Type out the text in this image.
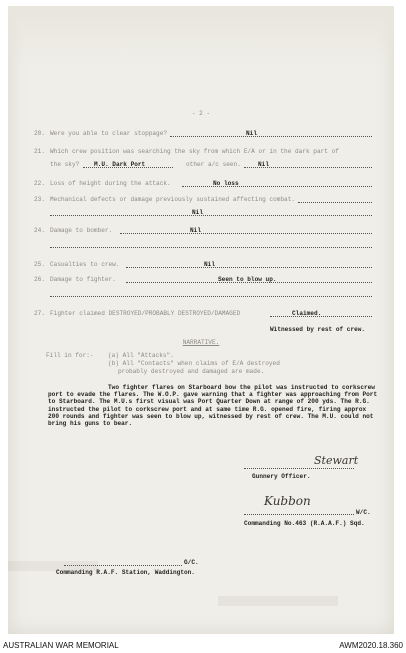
- 2 -
20. Were you able to clear stoppage?	Nil
21. Which crew position was searching the sky from which E/A or in the dark part of
the sky? M.U. Dark Port	other a/c seen.	Nil
22. Loss of height during the attack.	No loss
23. Mechanical defects or damage previously sustained affecting combat.
Nil
24. Damage to bomber.	Nil
25. Casualties to crew.	Nil
26. Damage to fighter.	Seen to blow up.
27. Fighter claimed DESTROYED/PROBABLY DESTROYED/DAMAGED	Claimed.
Witnessed by rest of crew.
NARRATIVE.
Fill in for:- (a) All "Attacks".
(b) All "Contacts" when claims of E/A destroyed
probably destroyed and damaged are made.
Two fighter flares on Starboard bow the pilot was instructed to corkscrew port to evade the flares. The W.O.P. gave warning that a fighter was approaching from Port to Starboard. The M.U.s first visual was Port Quarter Down at range of 200 yds. The R.G. instructed the pilot to corkscrew port and at same time R.G. opened fire, firing approx 200 rounds and fighter was seen to blow up, witnessed by rest of crew. The M.U. could not bring his guns to bear.
Stewart
Gunnery Officer.
Kubbon
W/C.
Commanding No.463 (R.A.A.F.) Sqd.
G/C.
Commanding R.A.F. Station, Waddington.
AUSTRALIAN WAR MEMORIAL	AWM2020.18.360
